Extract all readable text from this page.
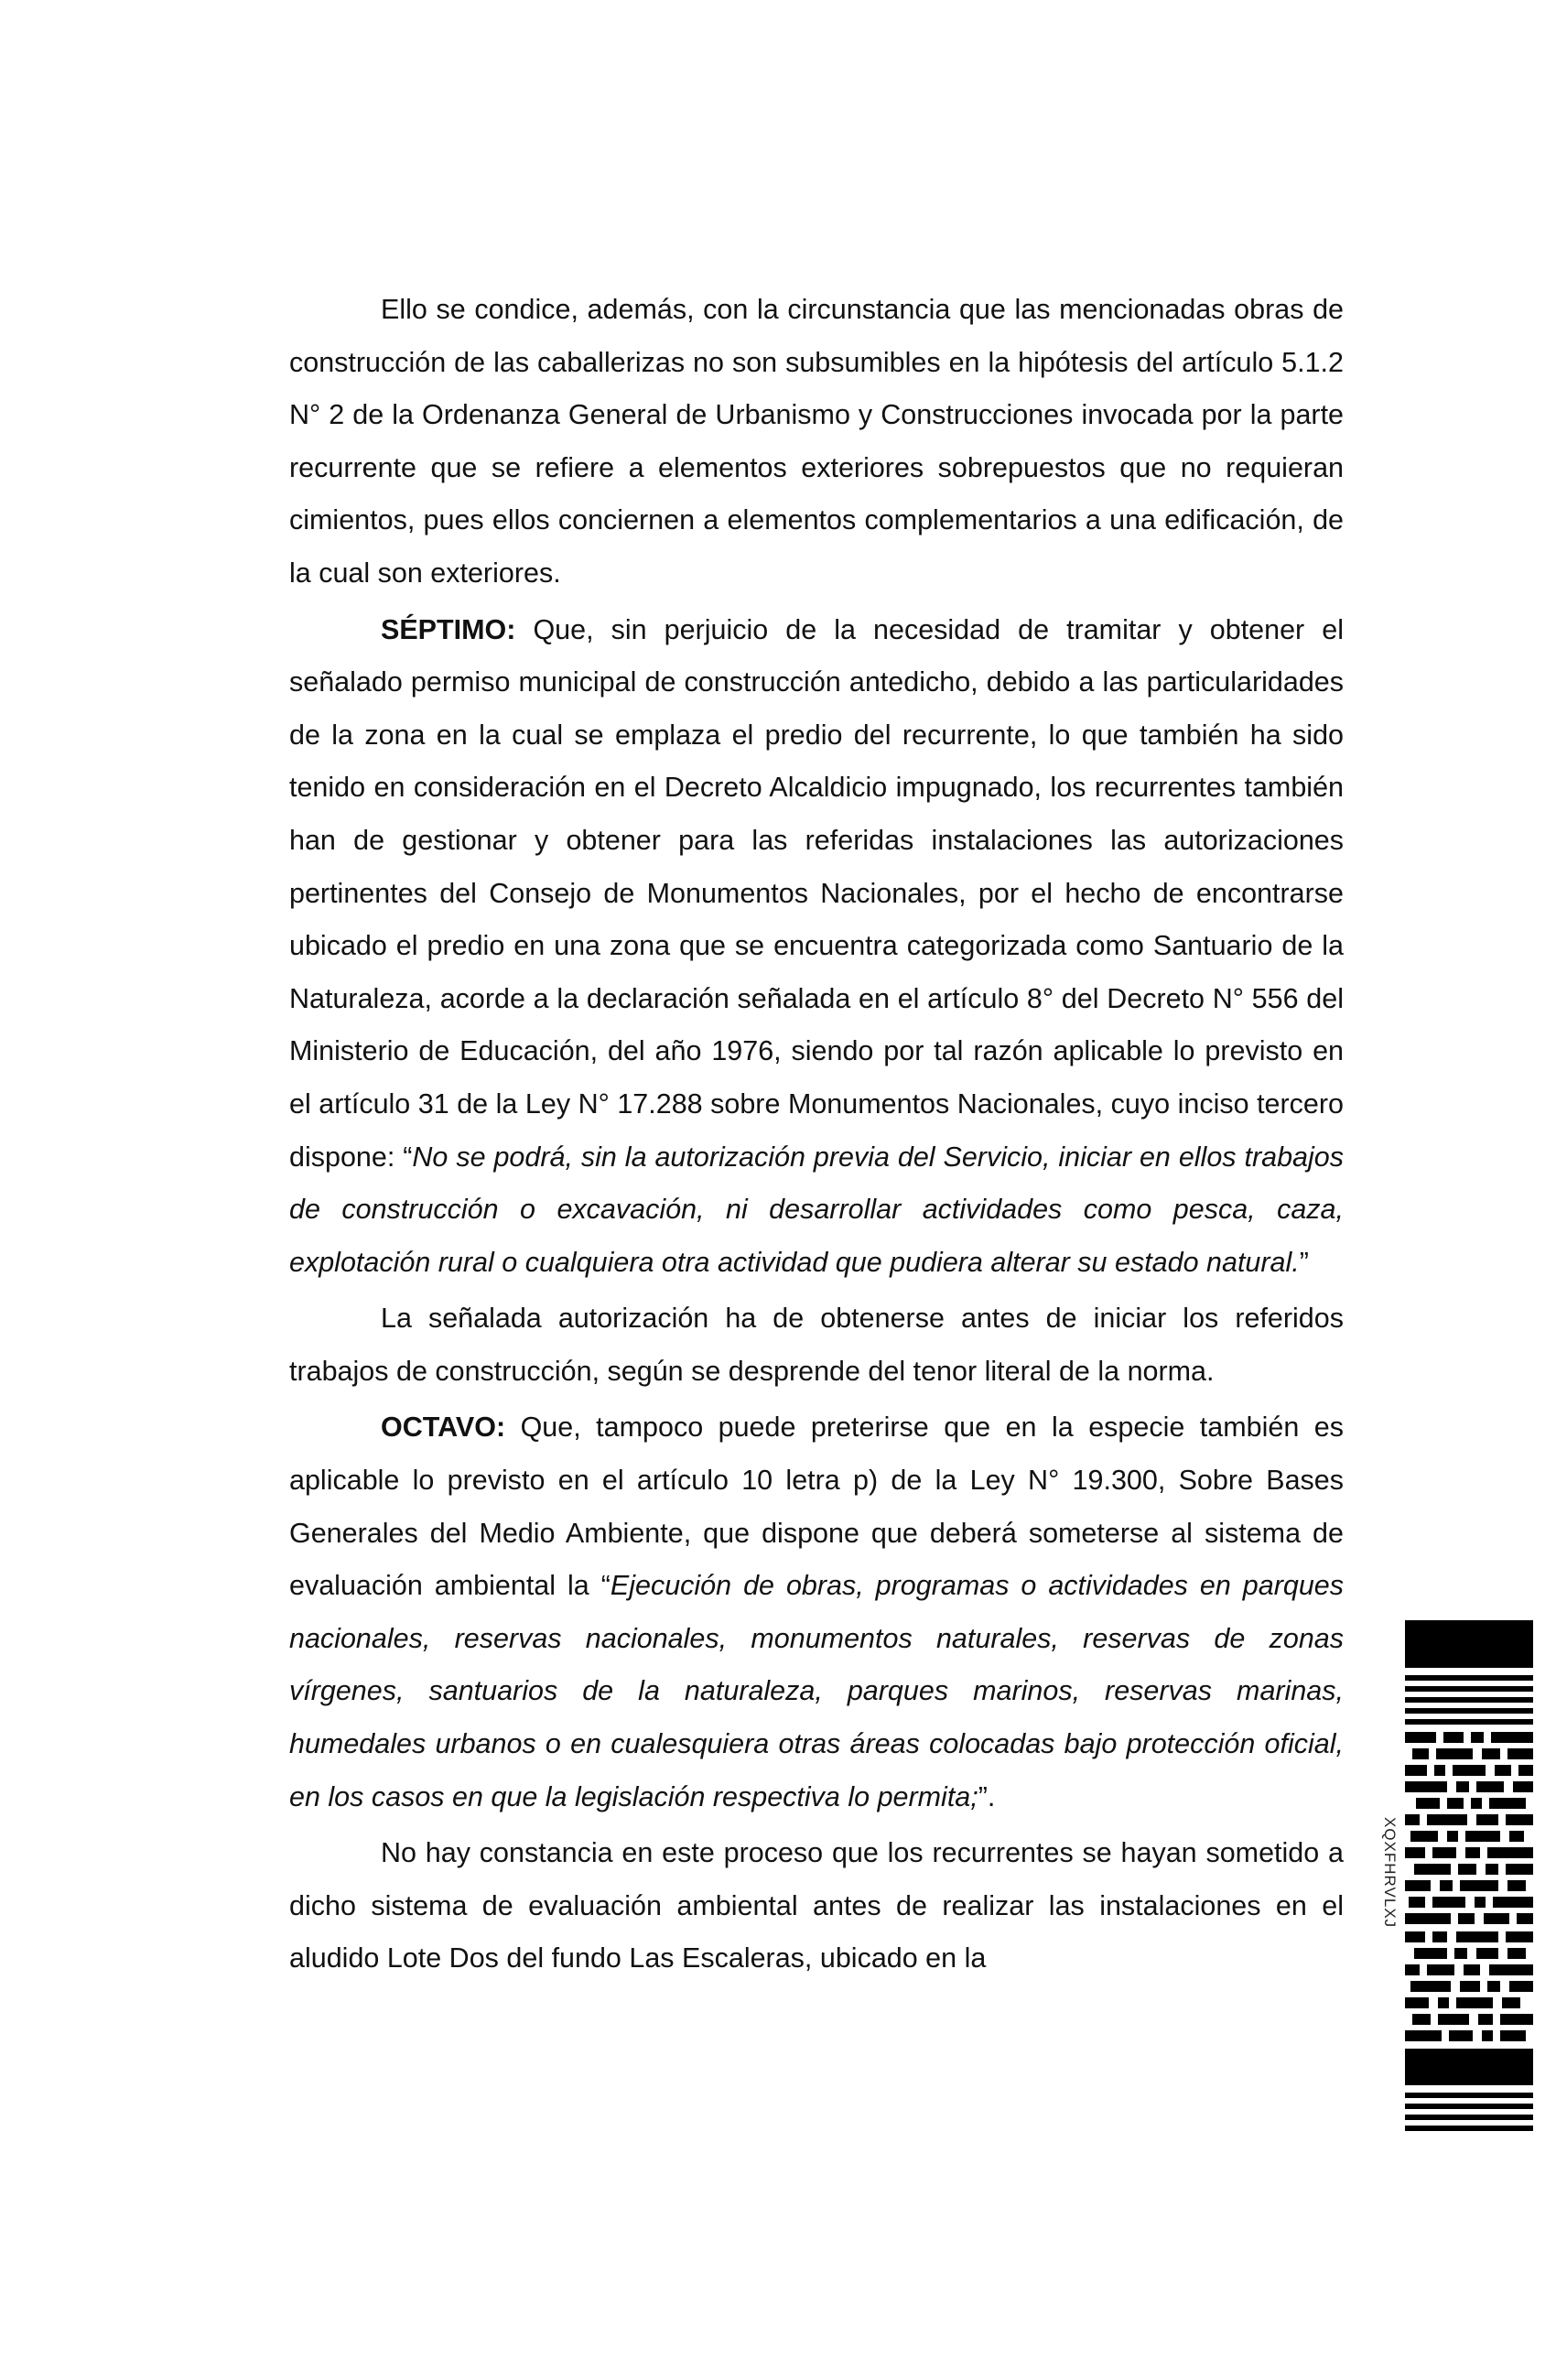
Ello se condice, además, con la circunstancia que las mencionadas obras de construcción de las caballerizas no son subsumibles en la hipótesis del artículo 5.1.2 N° 2 de la Ordenanza General de Urbanismo y Construcciones invocada por la parte recurrente que se refiere a elementos exteriores sobrepuestos que no requieran cimientos, pues ellos conciernen a elementos complementarios a una edificación, de la cual son exteriores.

SÉPTIMO: Que, sin perjuicio de la necesidad de tramitar y obtener el señalado permiso municipal de construcción antedicho, debido a las particularidades de la zona en la cual se emplaza el predio del recurrente, lo que también ha sido tenido en consideración en el Decreto Alcaldicio impugnado, los recurrentes también han de gestionar y obtener para las referidas instalaciones las autorizaciones pertinentes del Consejo de Monumentos Nacionales, por el hecho de encontrarse ubicado el predio en una zona que se encuentra categorizada como Santuario de la Naturaleza, acorde a la declaración señalada en el artículo 8° del Decreto N° 556 del Ministerio de Educación, del año 1976, siendo por tal razón aplicable lo previsto en el artículo 31 de la Ley N° 17.288 sobre Monumentos Nacionales, cuyo inciso tercero dispone: “No se podrá, sin la autorización previa del Servicio, iniciar en ellos trabajos de construcción o excavación, ni desarrollar actividades como pesca, caza, explotación rural o cualquiera otra actividad que pudiera alterar su estado natural.”

La señalada autorización ha de obtenerse antes de iniciar los referidos trabajos de construcción, según se desprende del tenor literal de la norma.

OCTAVO: Que, tampoco puede preterirse que en la especie también es aplicable lo previsto en el artículo 10 letra p) de la Ley N° 19.300, Sobre Bases Generales del Medio Ambiente, que dispone que deberá someterse al sistema de evaluación ambiental la “Ejecución de obras, programas o actividades en parques nacionales, reservas nacionales, monumentos naturales, reservas de zonas vírgenes, santuarios de la naturaleza, parques marinos, reservas marinas, humedales urbanos o en cualesquiera otras áreas colocadas bajo protección oficial, en los casos en que la legislación respectiva lo permita;”.

No hay constancia en este proceso que los recurrentes se hayan sometido a dicho sistema de evaluación ambiental antes de realizar las instalaciones en el aludido Lote Dos del fundo Las Escaleras, ubicado en la

XQXFHRVLXJ
